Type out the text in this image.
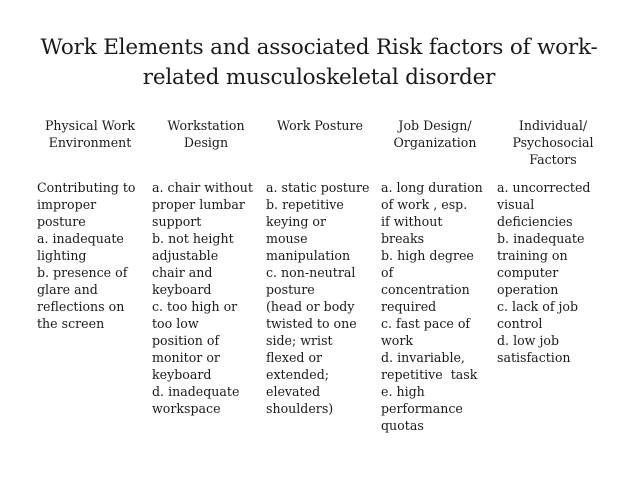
Work Elements and associated Risk factors of work-
related musculoskeletal disorder
Physical Work
Environment
Contributing to
improper
posture
a. inadequate
lighting
b. presence of
glare and
reflections on
the screen
Workstation
Design
a. chair without
proper lumbar
support
b. not height
adjustable
chair and
keyboard
c. too high or
too low
position of
monitor or
keyboard
d. inadequate
workspace
Work Posture
a. static posture
b. repetitive
keying or
mouse
manipulation
c. non-neutral
posture
(head or body
twisted to one
side; wrist
flexed or
extended;
elevated
shoulders)
Job Design/
Organization
a. long duration
of work , esp.
if without
breaks
b. high degree
of
concentration
required
c. fast pace of
work
d. invariable,
repetitive  task
e. high
performance
quotas
Individual/
Psychosocial
Factors
a. uncorrected
visual
deficiencies
b. inadequate
training on
computer
operation
c. lack of job
control
d. low job
satisfaction
